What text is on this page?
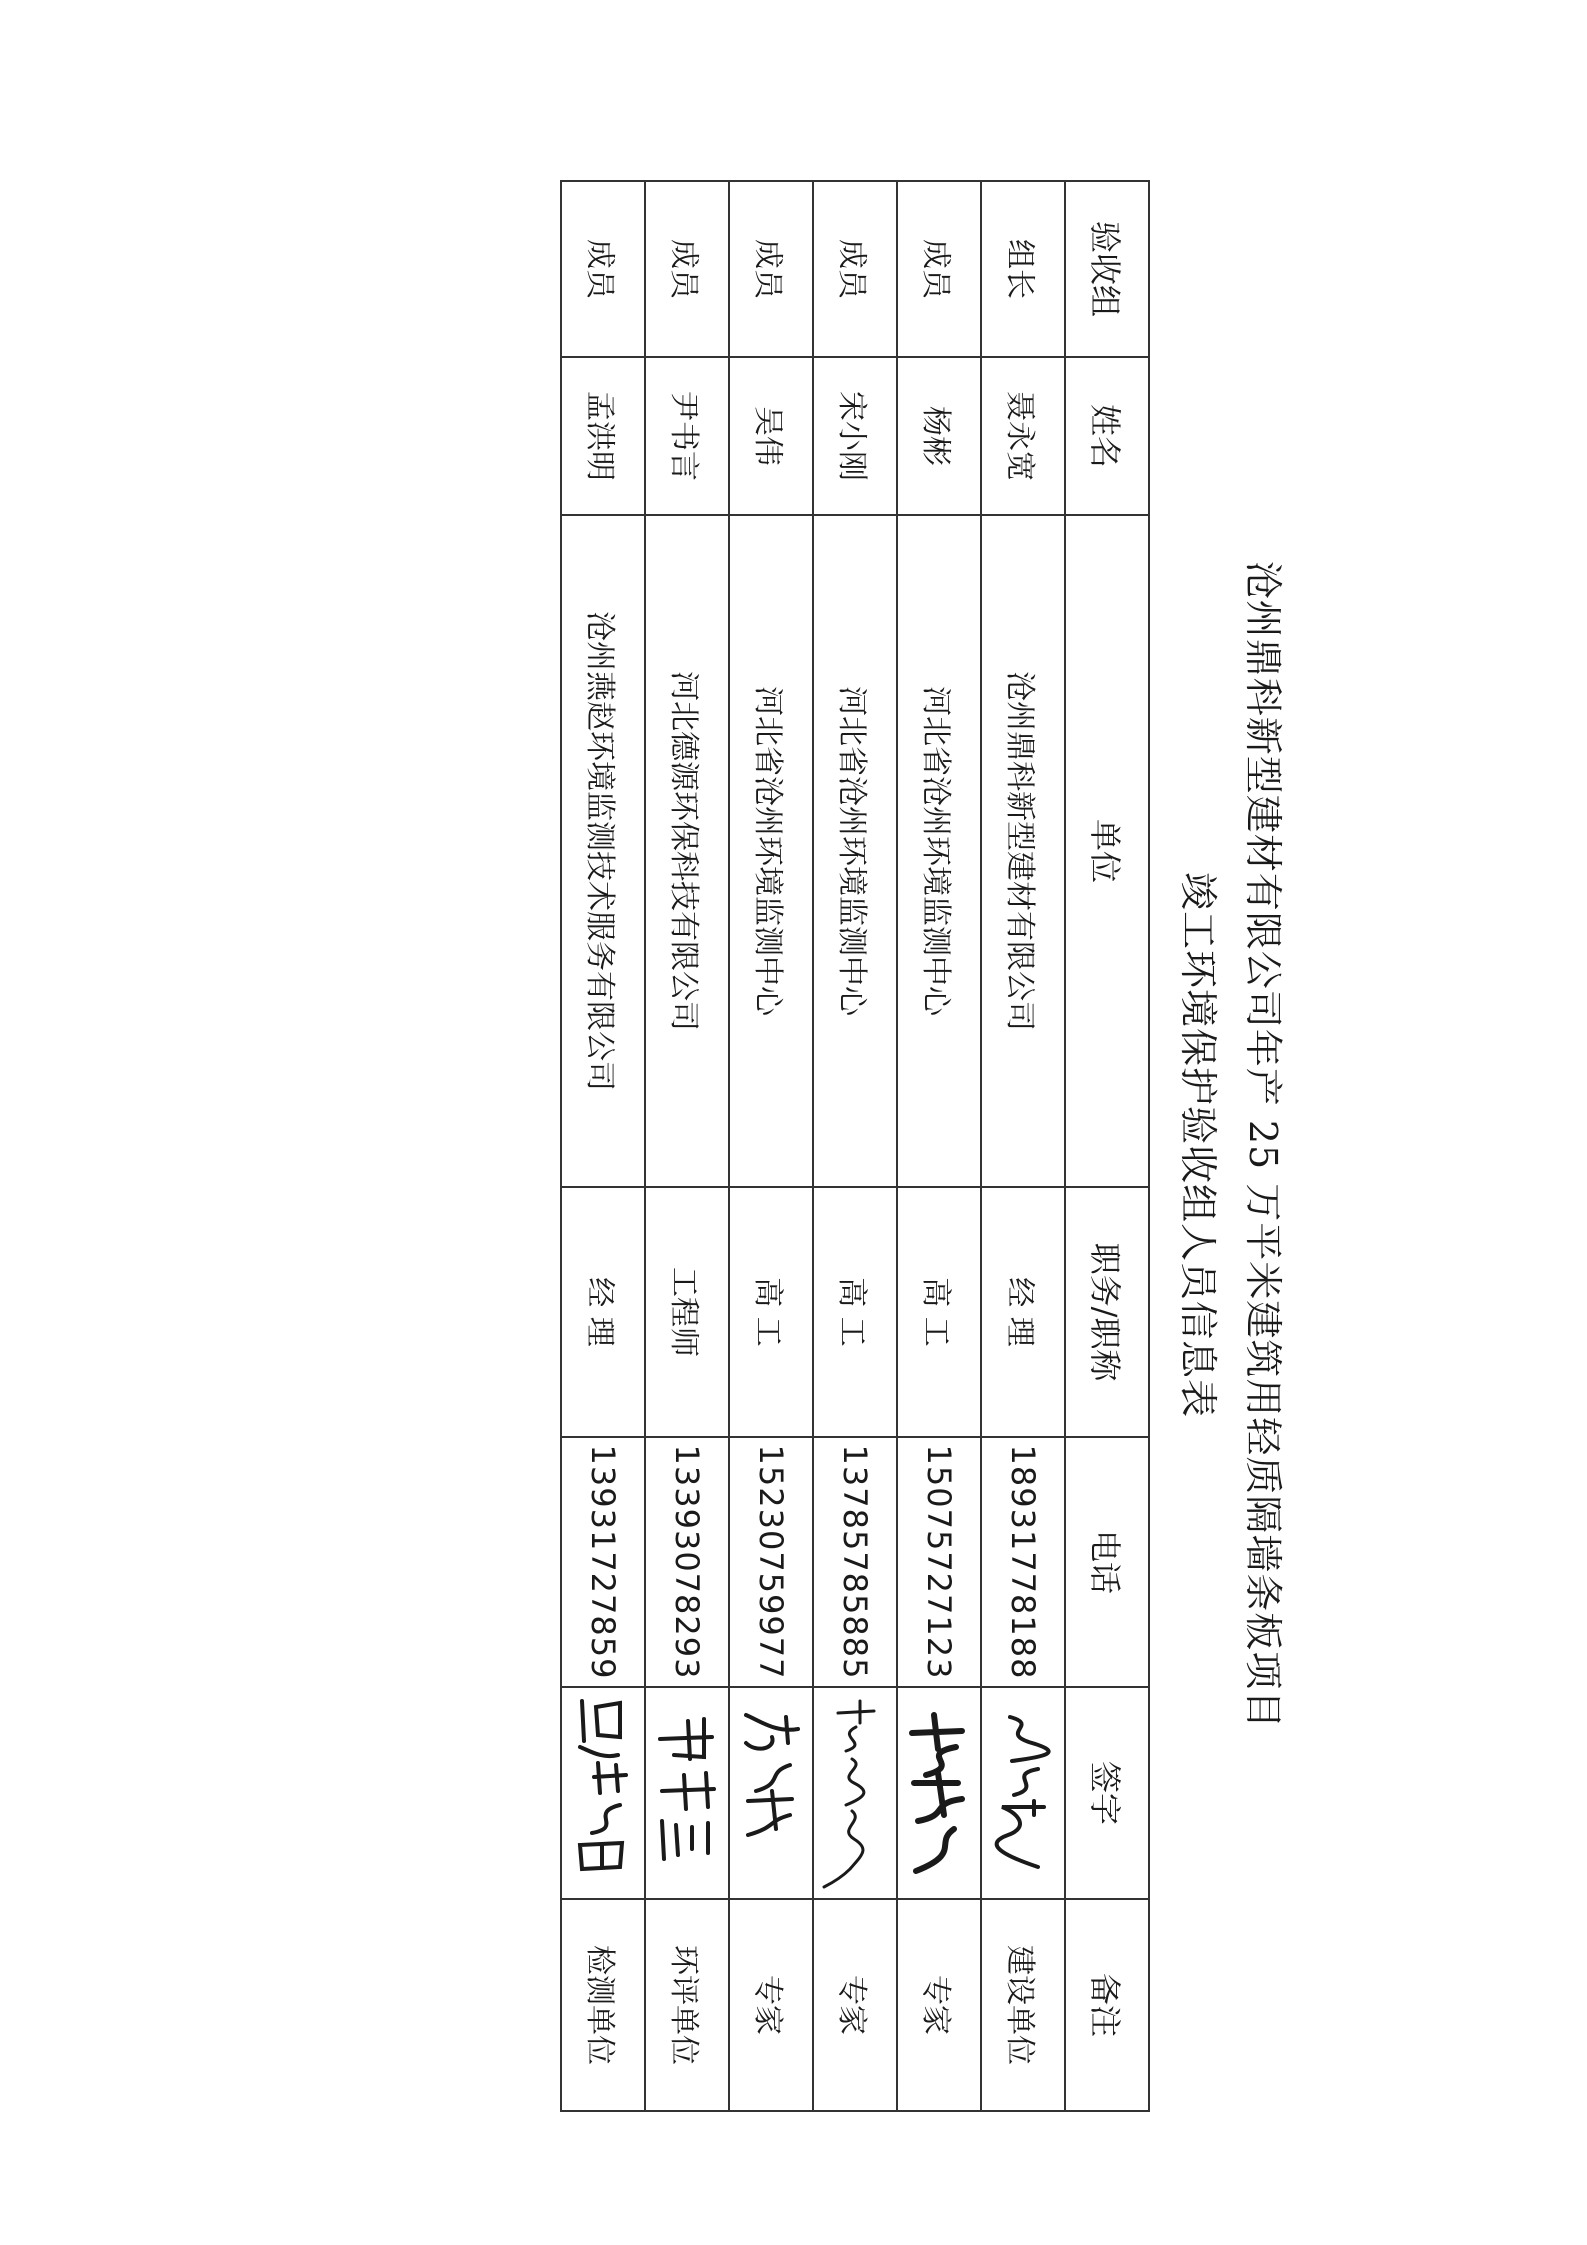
沧州鼎科新型建材有限公司年产 25 万平米建筑用轻质隔墙条板项目
竣工环境保护验收组人员信息表
验收组	姓名	单位	职务/职称	电话	签字	备注
组长	聂永宽	沧州鼎科新型建材有限公司	经 理	18931778188		建设单位
成员	杨彬	河北省沧州环境监测中心	高 工	15075727123		专家
成员	宋小刚	河北省沧州环境监测中心	高 工	13785785885		专家
成员	吴伟	河北省沧州环境监测中心	高 工	15230759977		专家
成员	尹书言	河北德源环保科技有限公司	工程师	13393078293		环评单位
成员	孟洪明	沧州燕赵环境监测技术服务有限公司	经 理	13931727859		检测单位
